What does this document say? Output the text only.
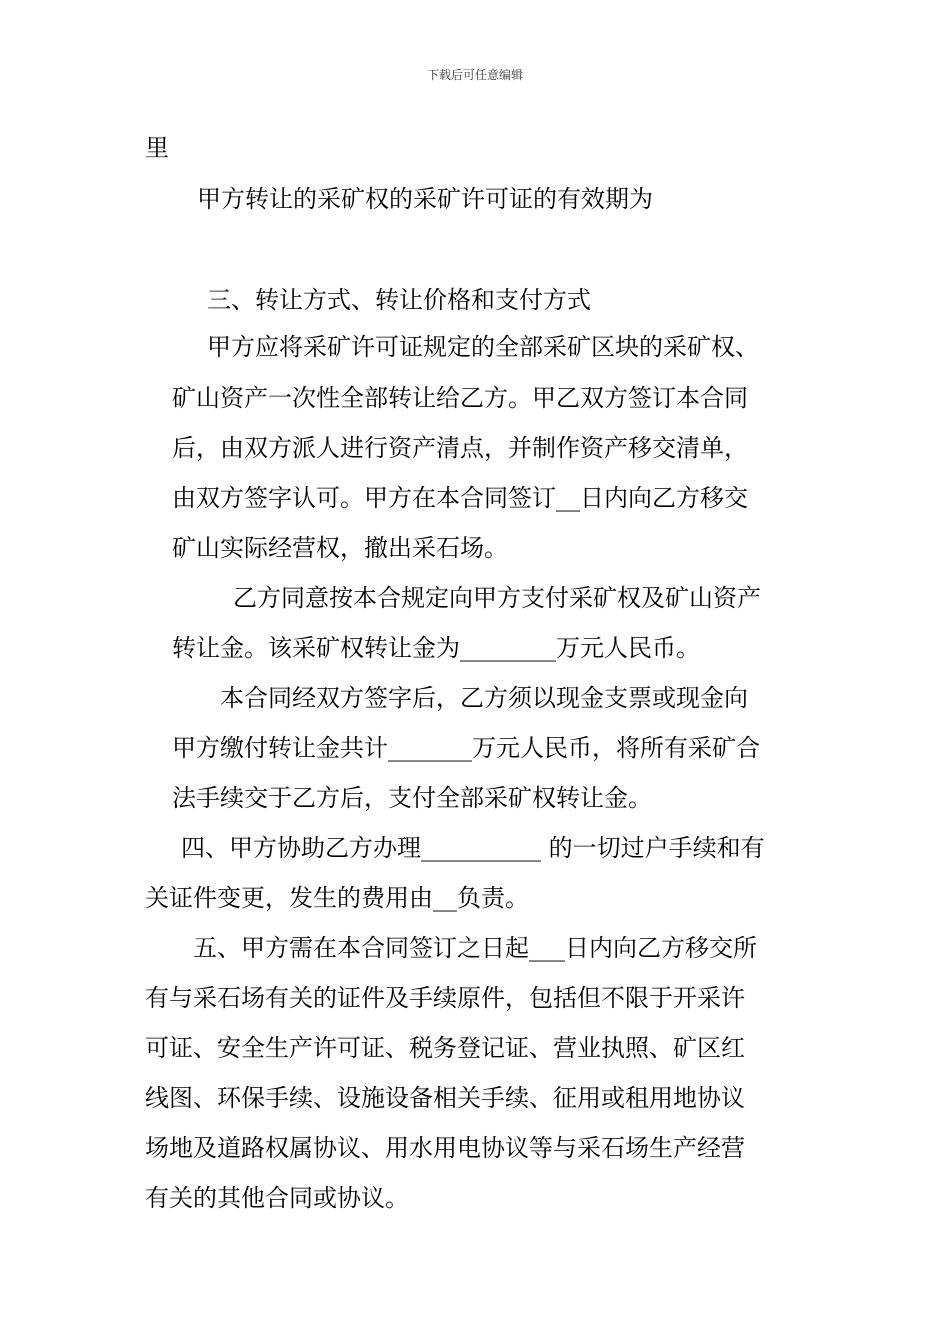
下载后可任意编辑
里
甲方转让的采矿权的采矿许可证的有效期为
三、转让方式、转让价格和支付方式
甲方应将采矿许可证规定的全部采矿区块的采矿权、
矿山资产一次性全部转让给乙方。甲乙双方签订本合同
后，由双方派人进行资产清点，并制作资产移交清单，
由双方签字认可。甲方在本合同签订__日内向乙方移交
矿山实际经营权，撤出采石场。
乙方同意按本合规定向甲方支付采矿权及矿山资产
转让金。该采矿权转让金为________万元人民币。
本合同经双方签字后，乙方须以现金支票或现金向
甲方缴付转让金共计_______万元人民币，将所有采矿合
法手续交于乙方后，支付全部采矿权转让金。
四、甲方协助乙方办理__________ 的一切过户手续和有
关证件变更，发生的费用由__负责。
五、甲方需在本合同签订之日起___日内向乙方移交所
有与采石场有关的证件及手续原件，包括但不限于开采许
可证、安全生产许可证、税务登记证、营业执照、矿区红
线图、环保手续、设施设备相关手续、征用或租用地协议
场地及道路权属协议、用水用电协议等与采石场生产经营
有关的其他合同或协议。
